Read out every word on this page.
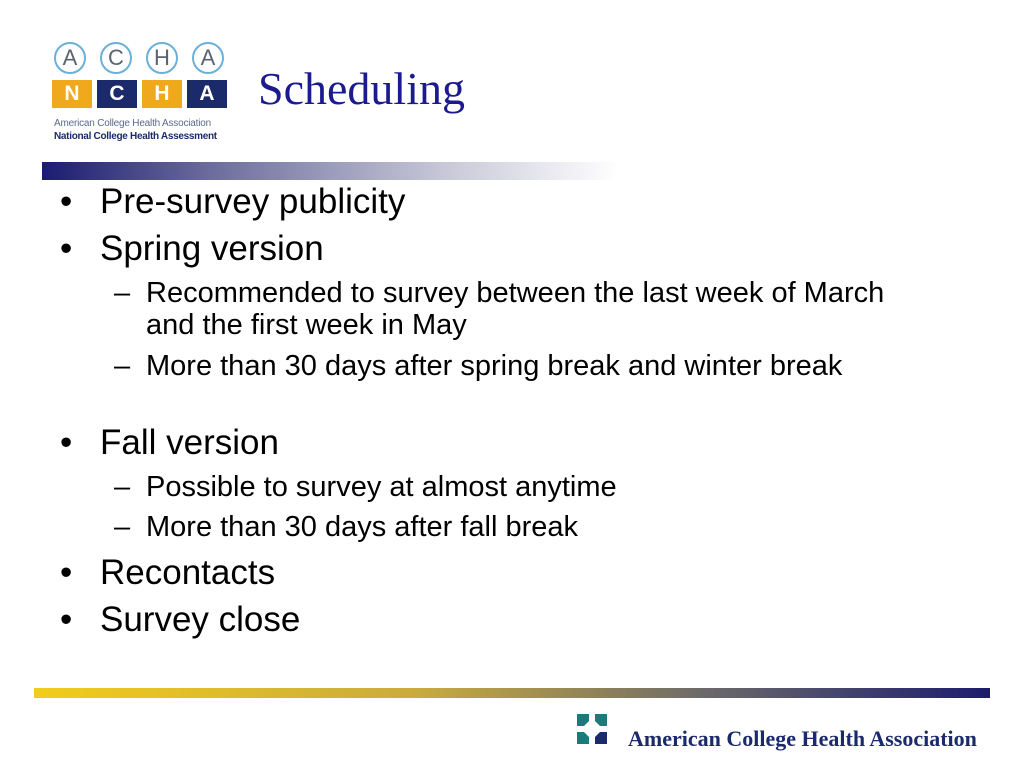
A	C	H	A
N	C	H	A
American College Health Association
National College Health Assessment
Scheduling
• Pre-survey publicity
• Spring version
– Recommended to survey between the last week of March and the first week in May
– More than 30 days after spring break and winter break
• Fall version
– Possible to survey at almost anytime
– More than 30 days after fall break
• Recontacts
• Survey close
American College Health Association
